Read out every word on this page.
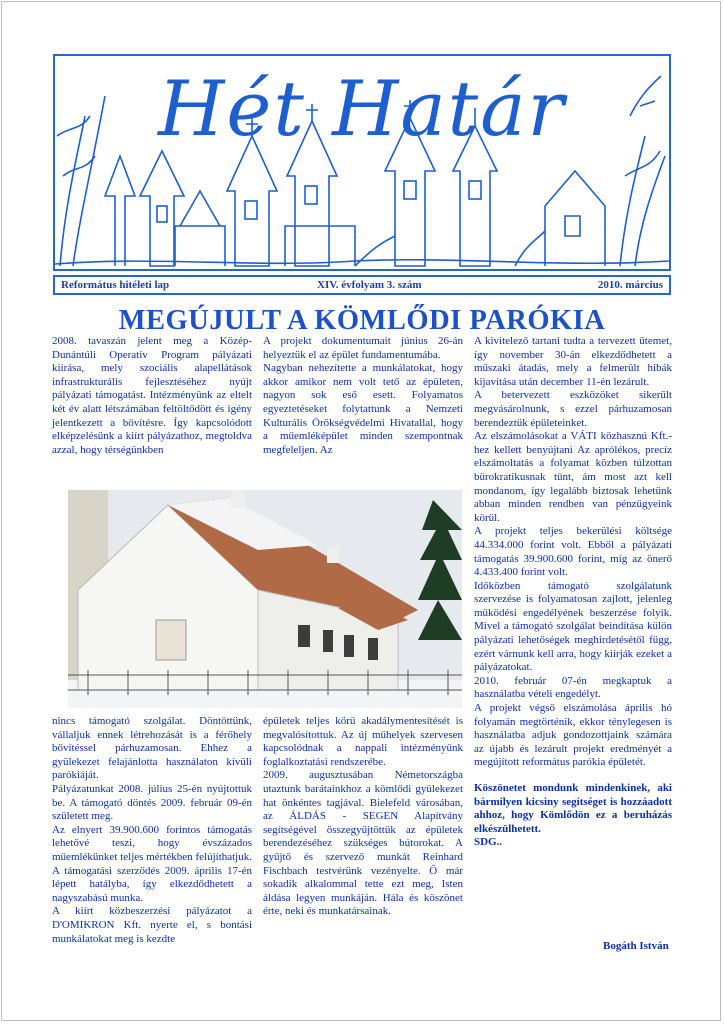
Hét Határ
Református hitéleti lap	XIV. évfolyam 3. szám	2010. március
MEGÚJULT A KÖMLŐDI PARÓKIA

2008. tavaszán jelent meg a Közép-Dunántúli Operatív Program pályázati kiírása, mely szociális alapellátások infrastrukturális fejlesztéséhez nyújt pályázati támogatást. Intézményünk az eltelt két év alatt létszámában feltöltődött és igény jelentkezett a bővítésre. Így kapcsolódott elképzelésünk a kiírt pályázathoz, megtoldva azzal, hogy térségünkben

A projekt dokumentumait június 26-án helyeztük el az épület fundamentumába.

Nagyban nehezítette a munkálatokat, hogy akkor amikor nem volt tető az épületen, nagyon sok eső esett. Folyamatos egyeztetéseket folytattunk a Nemzeti Kulturális Örökségvédelmi Hivatallal, hogy a műemléképület minden szempontnak megfeleljen. Az

A kivitelező tartani tudta a tervezett ütemet, így november 30-án elkezdődhetett a műszaki átadás, mely a felmerült hibák kijavítása után december 11-én lezárult.

A betervezett eszközöket sikerült megvásárolnunk, s ezzel párhuzamosan berendeztük épületeinket.

Az elszámolásokat a VÁTI közhasznú Kft.-hez kellett benyújtani Az aprólékos, precíz elszámoltatás a folyamat közben túlzottan bürokratikusnak tűnt, ám most azt kell mondanom, így legalább biztosak lehetünk abban minden rendben van pénzügyeink körül.

A projekt teljes bekerülési költsége 44.334.000 forint volt. Ebből a pályázati támogatás 39.900.600 forint, míg az önerő 4.433.400 forint volt.

Időközben támogató szolgálatunk szervezése is folyamatosan zajlott, jelenleg működési engedélyének beszerzése folyik. Mivel a támogató szolgálat beindítása külön pályázati lehetőségek meghirdetésétől függ, ezért várnunk kell arra, hogy kiírják ezeket a pályázatokat.

2010. február 07-én megkaptuk a használatba vételi engedélyt.

A projekt végső elszámolása április hó folyamán megtörténik, ekkor ténylegesen is használatba adjuk gondozottjaink számára az újabb és lezárult projekt eredményét a megújított református parókia épületét.

Köszönetet mondunk mindenkinek, aki bármilyen kicsiny segítséget is hozzáadott ahhoz, hogy Kömlődön ez a beruházás elkészülhetett.

SDG..

Bogáth István

nincs támogató szolgálat. Döntöttünk, vállaljuk ennek létrehozását is a férőhely bővítéssel párhuzamosan. Ehhez a gyülekezet felajánlotta használaton kívüli parókiáját.

Pályázatunkat 2008. július 25-én nyújtottuk be. A támogató döntés 2009. február 09-én született meg.

Az elnyert 39.900.600 forintos támogatás lehetővé teszi, hogy évszázados műemlékünket teljes mértékben felújíthatjuk. A támogatási szerződés 2009. április 17-én lépett hatályba, így elkezdődhetett a nagyszabású munka.

A kiírt közbeszerzési pályázatot a D'OMIKRON Kft. nyerte el, s bontási munkálatokat meg is kezdte

épületek teljes körű akadálymentesítését is megvalósítottuk. Az új műhelyek szervesen kapcsolódnak a nappali intézményünk foglalkoztatási rendszerébe.

2009. augusztusában Németországba utaztunk barátainkhoz a kömlődi gyülekezet hat önkéntes tagjával. Bielefeld városában, az ÁLDÁS - SEGEN Alapítvány segítségével összegyűjtöttük az épületek berendezéséhez szükséges bútorokat. A gyűjtő és szervező munkát Reinhard Fischbach testvérünk vezényelte. Ő már sokadik alkalommal tette ezt meg, Isten áldása legyen munkáján. Hála és köszönet érte, neki és munkatársainak.
